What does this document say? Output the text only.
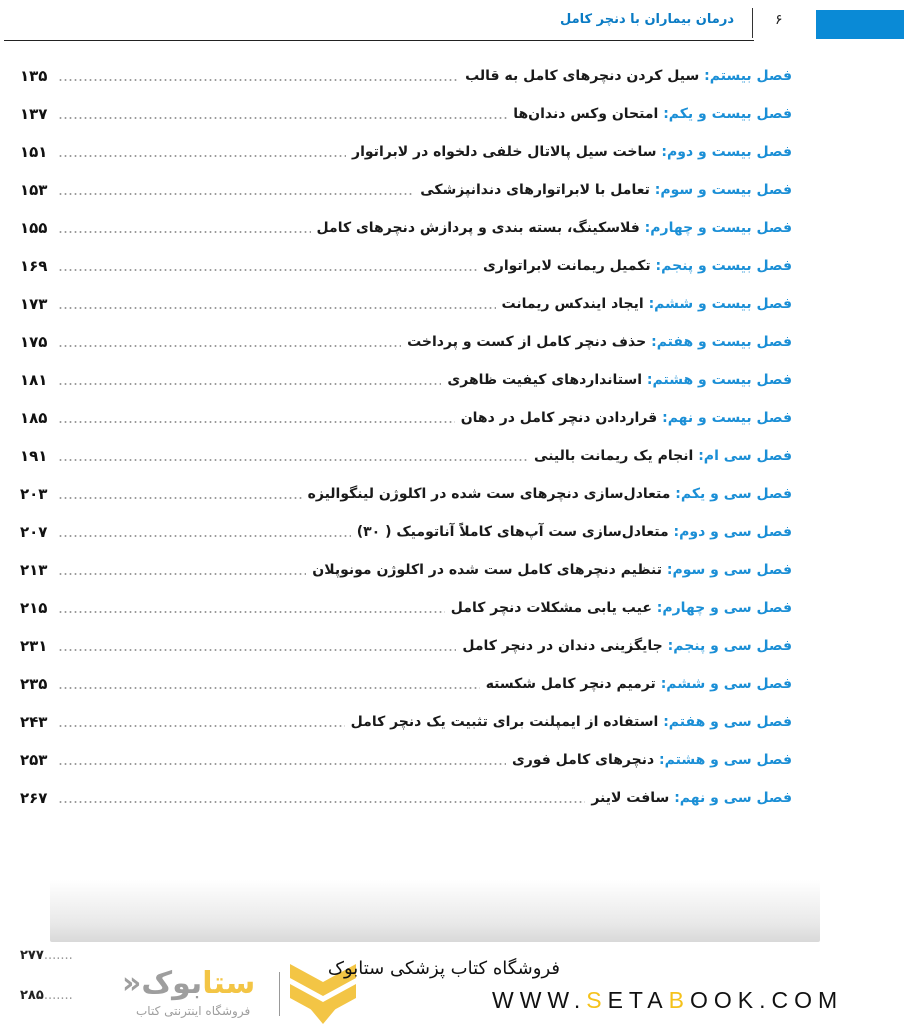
۶
درمان بیماران با دنچر کامل
فصل بیستم: سیل کردن دنچرهای کامل به قالب
۱۳۵
فصل بیست و یکم: امتحان وکس دندان‌ها
۱۳۷
فصل بیست و دوم: ساخت سیل پالاتال خلفی دلخواه در لابراتوار
۱۵۱
فصل بیست و سوم: تعامل با لابراتوارهای دندانپزشکی
۱۵۳
فصل بیست و چهارم: فلاسکینگ، بسته بندی و پردازش دنچرهای کامل
۱۵۵
فصل بیست و پنجم: تکمیل ریمانت لابراتواری
۱۶۹
فصل بیست و ششم: ایجاد ایندکس ریمانت
۱۷۳
فصل بیست و هفتم: حذف دنچر کامل از کست و پرداخت
۱۷۵
فصل بیست و هشتم: استانداردهای کیفیت ظاهری
۱۸۱
فصل بیست و نهم: قراردادن دنچر کامل در دهان
۱۸۵
فصل سی ام: انجام یک ریمانت بالینی
۱۹۱
فصل سی و یکم: متعادل‌سازی دنچرهای ست شده در اکلوژن لینگوالیزه
۲۰۳
فصل سی و دوم: متعادل‌سازی ست آپ‌های کاملاً آناتومیک ( ۳۰)
۲۰۷
فصل سی و سوم: تنظیم دنچرهای کامل ست شده در اکلوژن مونوپلان
۲۱۳
فصل سی و چهارم: عیب یابی مشکلات دنچر کامل
۲۱۵
فصل سی و پنجم: جایگزینی دندان در دنچر کامل
۲۳۱
فصل سی و ششم: ترمیم دنچر کامل شکسته
۲۳۵
فصل سی و هفتم: استفاده از ایمپلنت برای تثبیت یک دنچر کامل
۲۴۳
فصل سی و هشتم: دنچرهای کامل فوری
۲۵۳
فصل سی و نهم: سافت لاینر
۲۶۷
۲۷۷.......
۲۸۵.......	ستابوک«
فروشگاه اینترنتی کتاب
فروشگاه کتاب پزشکی ستابوک
WWW.SETABOOK.COM
